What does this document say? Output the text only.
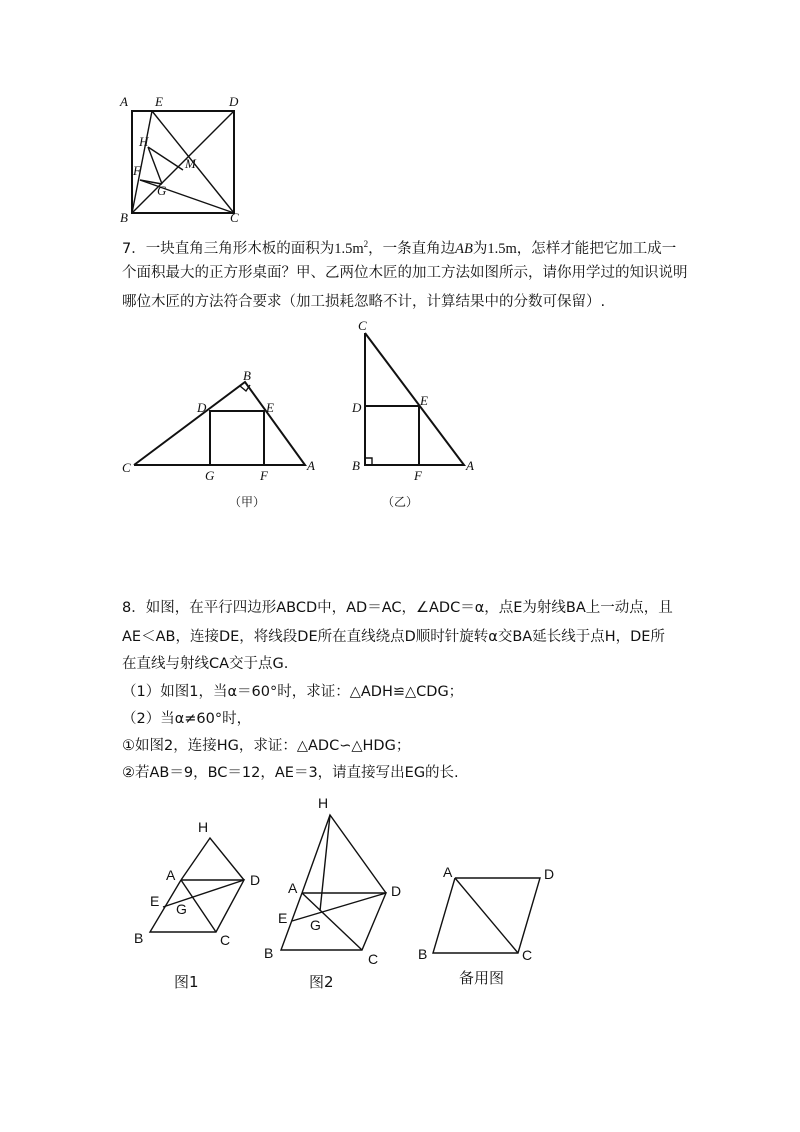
A E	D
H
M
F
G
B	C
B
D	E
C
G	F
A
（甲）
C
D	E
B
F
A
（乙）
H
A	D
E G
B	C
图1
H
A	D
E G
B	C
图2
A	D
B	C
备用图
7．一块直角三角形木板的面积为$1.5m^2$，一条直角边AB为1.5m，怎样才能把它加工成一
个面积最大的正方形桌面？甲、乙两位木匠的加工方法如图所示，请你用学过的知识说明
哪位木匠的方法符合要求（加工损耗忽略不计，计算结果中的分数可保留）.
8．如图，在平行四边形ABCD中，AD＝AC，∠ADC＝α，点E为射线BA上一动点，且
AE＜AB，连接DE，将线段DE所在直线绕点D顺时针旋转α交BA延长线于点H，DE所
在直线与射线CA交于点G.
（1）如图1，当α＝60°时，求证：△ADH≌△CDG；
（2）当α≠60°时，
①如图2，连接HG，求证：△ADC∽△HDG；
②若AB＝9，BC＝12，AE＝3，请直接写出EG的长.
